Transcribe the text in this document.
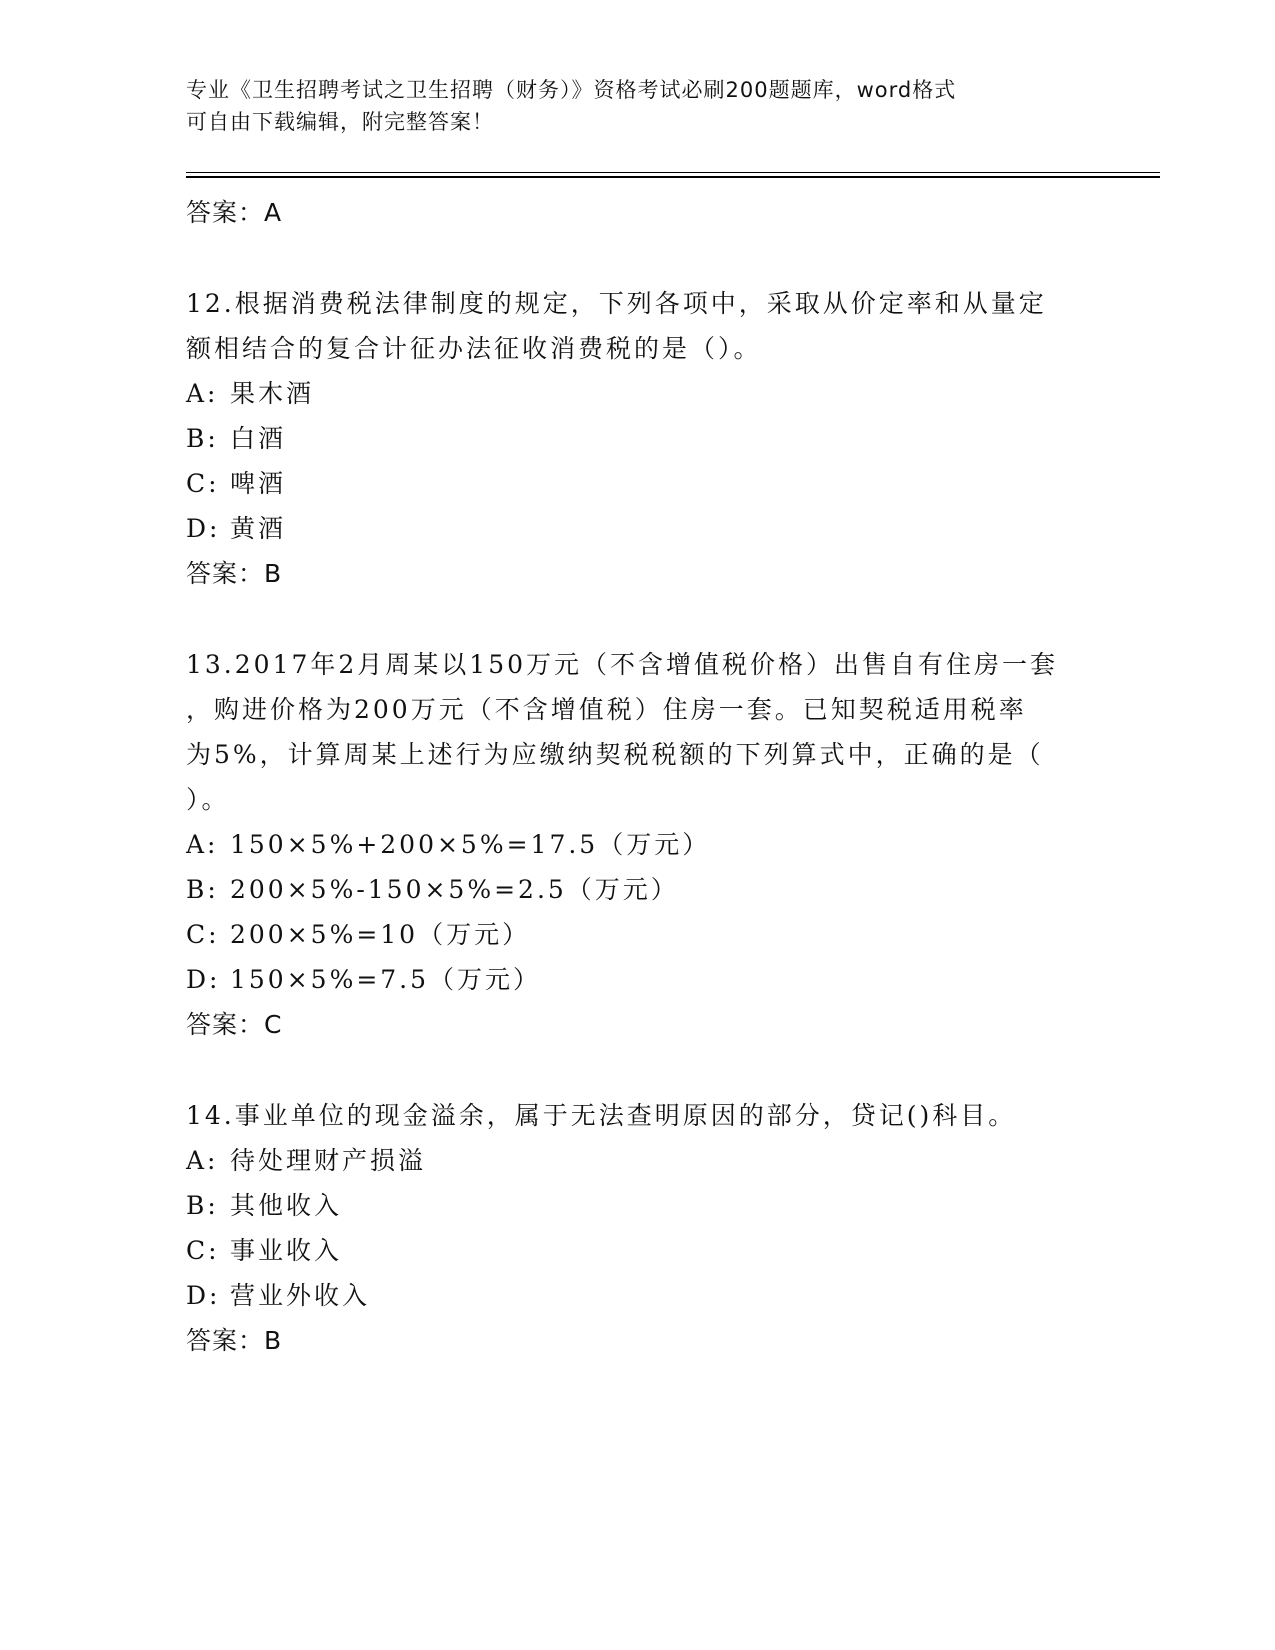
专业《卫生招聘考试之卫生招聘（财务）》资格考试必刷200题题库，word格式
可自由下载编辑，附完整答案！

答案：A

12.根据消费税法律制度的规定，下列各项中，采取从价定率和从量定

额相结合的复合计征办法征收消费税的是（）。

A: 果木酒

B: 白酒

C: 啤酒

D: 黄酒

答案：B

13.2017年2月周某以150万元（不含增值税价格）出售自有住房一套

，购进价格为200万元（不含增值税）住房一套。已知契税适用税率

为5%，计算周某上述行为应缴纳契税税额的下列算式中，正确的是（

）。

A: 150×5%+200×5%=17.5（万元）

B: 200×5%-150×5%=2.5（万元）

C: 200×5%=10（万元）

D: 150×5%=7.5（万元）

答案：C

14.事业单位的现金溢余，属于无法查明原因的部分，贷记()科目。

A: 待处理财产损溢

B: 其他收入

C: 事业收入

D: 营业外收入

答案：B
